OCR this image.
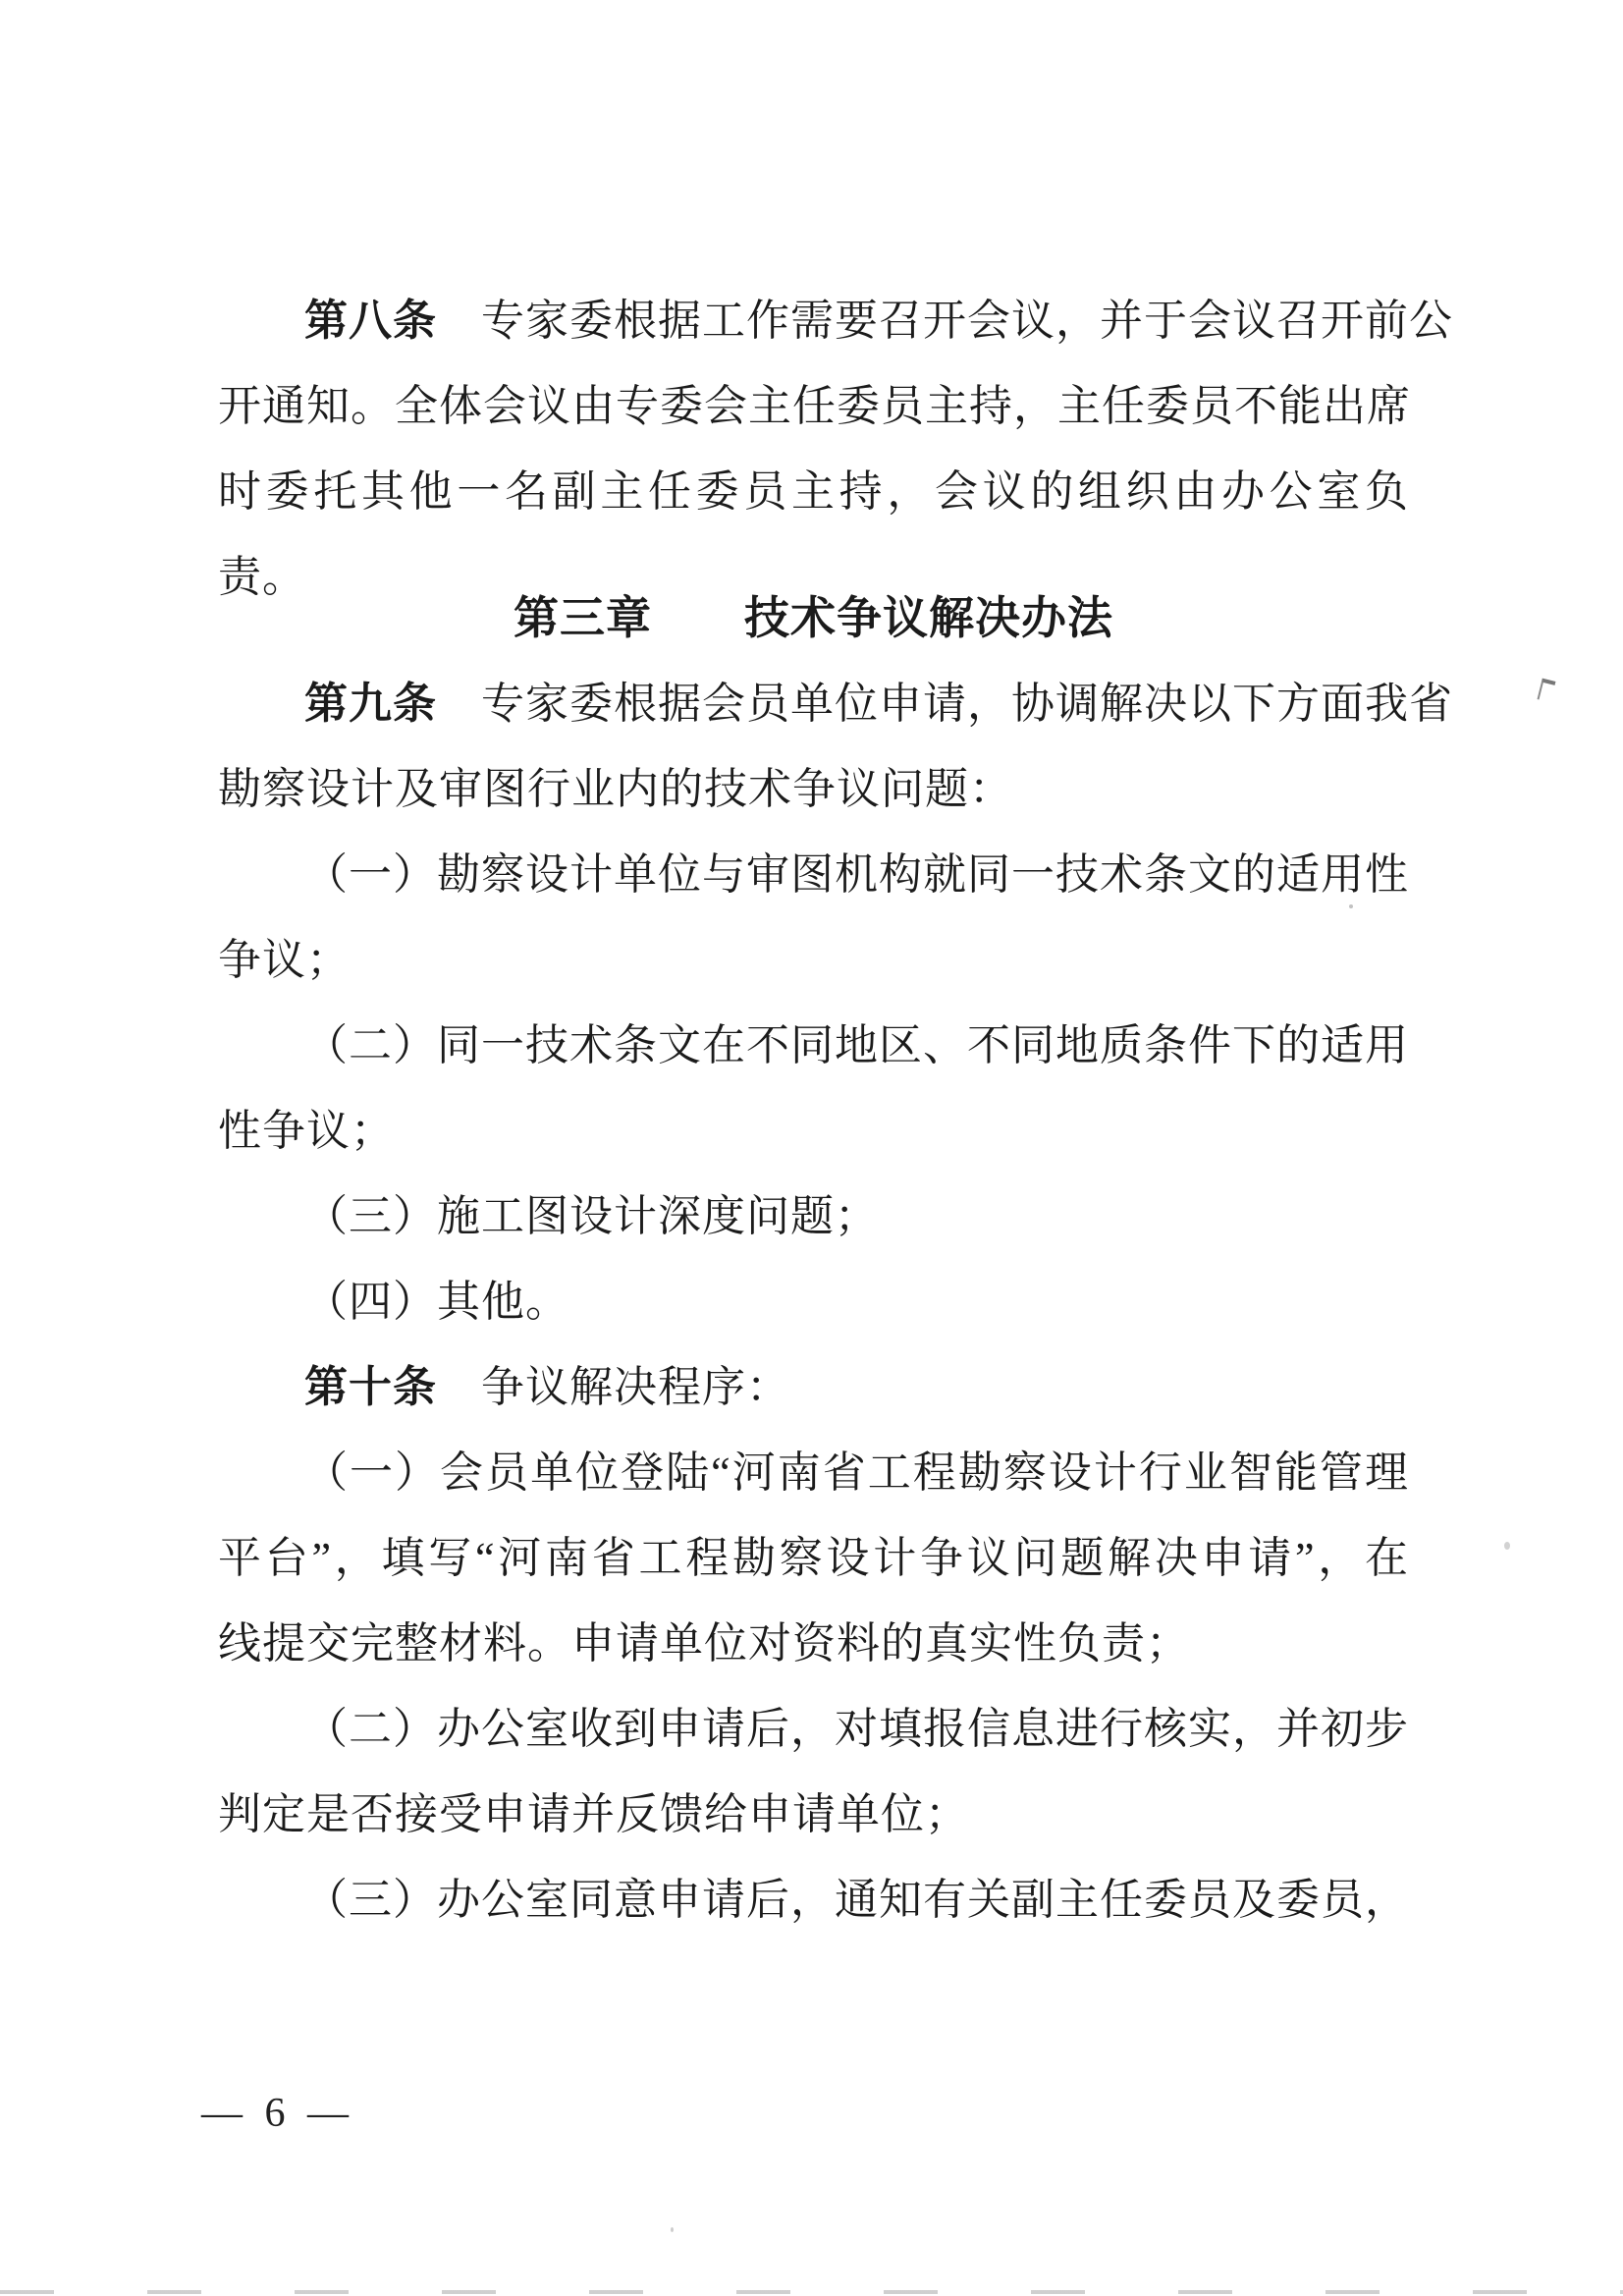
第八条　专家委根据工作需要召开会议，并于会议召开前公

开通知。全体会议由专委会主任委员主持，主任委员不能出席

时委托其他一名副主任委员主持，会议的组织由办公室负责。

第三章　　技术争议解决办法

第九条　专家委根据会员单位申请，协调解决以下方面我省

勘察设计及审图行业内的技术争议问题：

（一）勘察设计单位与审图机构就同一技术条文的适用性

争议；

（二）同一技术条文在不同地区、不同地质条件下的适用

性争议；

（三）施工图设计深度问题；

（四）其他。

第十条　争议解决程序：

（一）会员单位登陆“河南省工程勘察设计行业智能管理

平台”，填写“河南省工程勘察设计争议问题解决申请”，在

线提交完整材料。申请单位对资料的真实性负责；

（二）办公室收到申请后，对填报信息进行核实，并初步

判定是否接受申请并反馈给申请单位；

（三）办公室同意申请后，通知有关副主任委员及委员，

— 6 —
